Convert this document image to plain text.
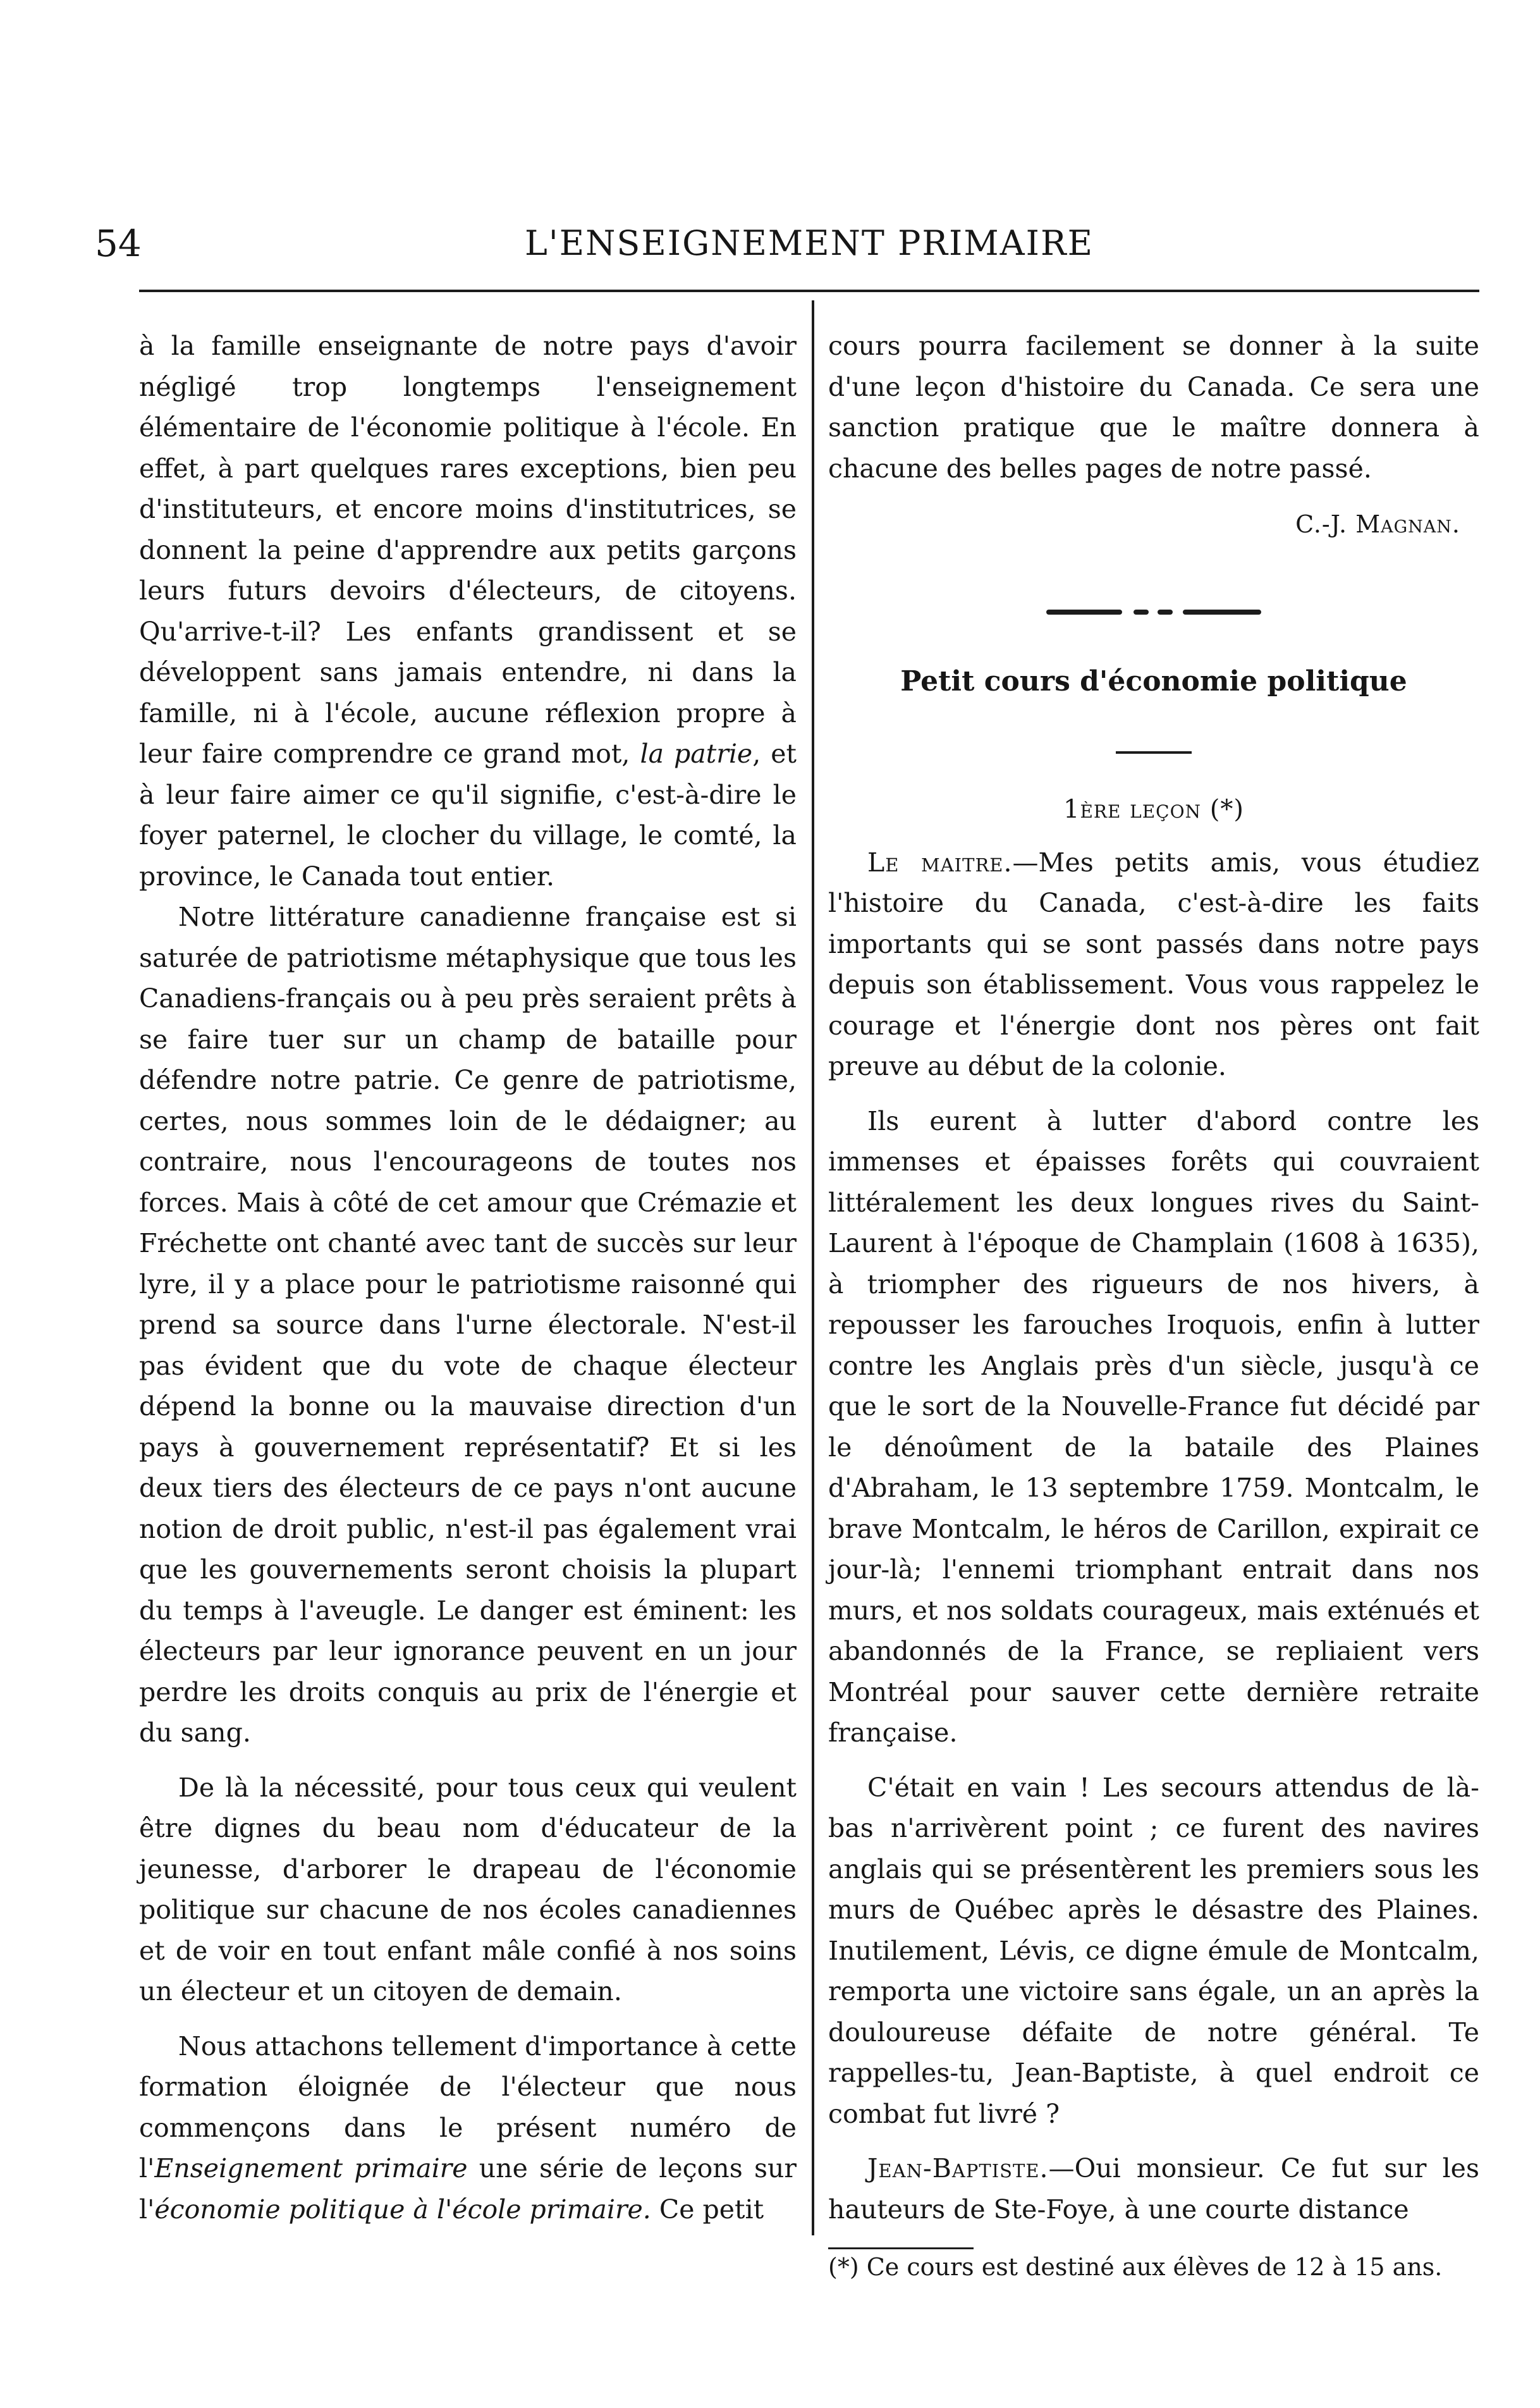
54	L'ENSEIGNEMENT PRIMAIRE

à la famille enseignante de notre pays d'avoir négligé trop longtemps l'enseignement élémentaire de l'économie politique à l'école. En effet, à part quelques rares exceptions, bien peu d'instituteurs, et encore moins d'institutrices, se donnent la peine d'apprendre aux petits garçons leurs futurs devoirs d'électeurs, de citoyens. Qu'arrive-t-il? Les enfants grandissent et se développent sans jamais entendre, ni dans la famille, ni à l'école, aucune réflexion propre à leur faire comprendre ce grand mot, la patrie, et à leur faire aimer ce qu'il signifie, c'est-à-dire le foyer paternel, le clocher du village, le comté, la province, le Canada tout entier.

Notre littérature canadienne française est si saturée de patriotisme métaphysique que tous les Canadiens-français ou à peu près seraient prêts à se faire tuer sur un champ de bataille pour défendre notre patrie. Ce genre de patriotisme, certes, nous sommes loin de le dédaigner; au contraire, nous l'encourageons de toutes nos forces. Mais à côté de cet amour que Crémazie et Fréchette ont chanté avec tant de succès sur leur lyre, il y a place pour le patriotisme raisonné qui prend sa source dans l'urne électorale. N'est-il pas évident que du vote de chaque électeur dépend la bonne ou la mauvaise direction d'un pays à gouvernement représentatif? Et si les deux tiers des électeurs de ce pays n'ont aucune notion de droit public, n'est-il pas également vrai que les gouvernements seront choisis la plupart du temps à l'aveugle. Le danger est éminent: les électeurs par leur ignorance peuvent en un jour perdre les droits conquis au prix de l'énergie et du sang.

De là la nécessité, pour tous ceux qui veulent être dignes du beau nom d'éducateur de la jeunesse, d'arborer le drapeau de l'économie politique sur chacune de nos écoles canadiennes et de voir en tout enfant mâle confié à nos soins un électeur et un citoyen de demain.

Nous attachons tellement d'importance à cette formation éloignée de l'électeur que nous commençons dans le présent numéro de l'Enseignement primaire une série de leçons sur l'économie politique à l'école primaire. Ce petit

cours pourra facilement se donner à la suite d'une leçon d'histoire du Canada. Ce sera une sanction pratique que le maître donnera à chacune des belles pages de notre passé.

C.-J. Magnan.
Petit cours d'économie politique
1ère leçon (*)

Le maitre.—Mes petits amis, vous étudiez l'histoire du Canada, c'est-à-dire les faits importants qui se sont passés dans notre pays depuis son établissement. Vous vous rappelez le courage et l'énergie dont nos pères ont fait preuve au début de la colonie.

Ils eurent à lutter d'abord contre les immenses et épaisses forêts qui couvraient littéralement les deux longues rives du Saint-Laurent à l'époque de Champlain (1608 à 1635), à triompher des rigueurs de nos hivers, à repousser les farouches Iroquois, enfin à lutter contre les Anglais près d'un siècle, jusqu'à ce que le sort de la Nouvelle-France fut décidé par le dénoûment de la bataile des Plaines d'Abraham, le 13 septembre 1759. Montcalm, le brave Montcalm, le héros de Carillon, expirait ce jour-là; l'ennemi triomphant entrait dans nos murs, et nos soldats courageux, mais exténués et abandonnés de la France, se repliaient vers Montréal pour sauver cette dernière retraite française.

C'était en vain ! Les secours attendus de là-bas n'arrivèrent point ; ce furent des navires anglais qui se présentèrent les premiers sous les murs de Québec après le désastre des Plaines. Inutilement, Lévis, ce digne émule de Montcalm, remporta une victoire sans égale, un an après la douloureuse défaite de notre général. Te rappelles-tu, Jean-Baptiste, à quel endroit ce combat fut livré ?

Jean-Baptiste.—Oui monsieur. Ce fut sur les hauteurs de Ste-Foye, à une courte distance

(*) Ce cours est destiné aux élèves de 12 à 15 ans.
